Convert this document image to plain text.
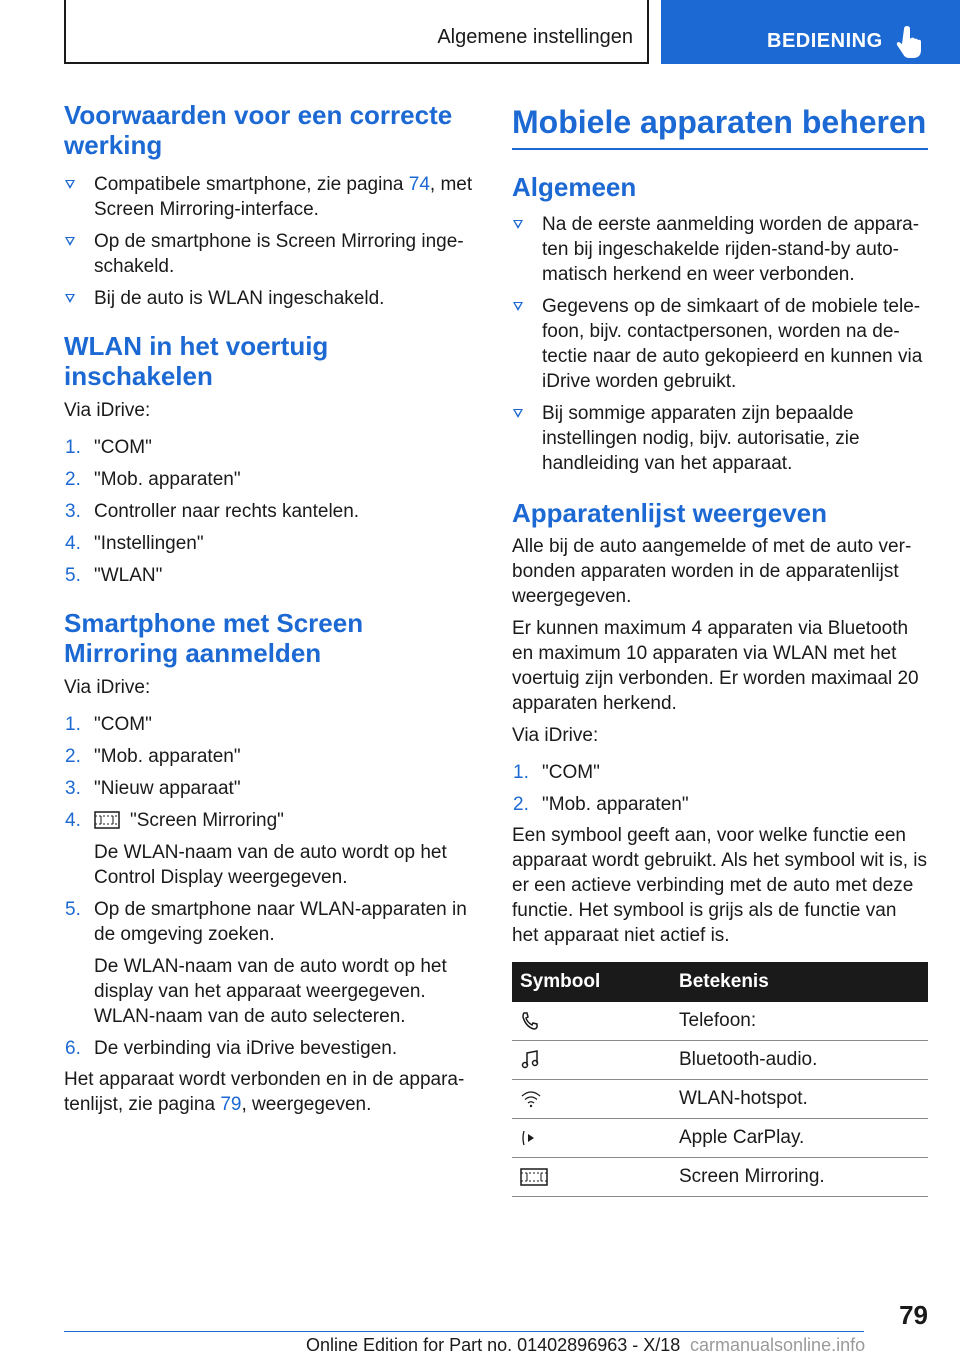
Algemene instellingen	BEDIENING
Voorwaarden voor een correcte werking
Compatibele smartphone, zie pagina 74, met Screen Mirroring-interface.
Op de smartphone is Screen Mirroring ingeschakeld.
Bij de auto is WLAN ingeschakeld.
WLAN in het voertuig inschakelen

Via iDrive:

1. "COM"
2. "Mob. apparaten"
3. Controller naar rechts kantelen.
4. "Instellingen"
5. "WLAN"
Smartphone met Screen Mirroring aanmelden

Via iDrive:

1. "COM"
2. "Mob. apparaten"
3. "Nieuw apparaat"
4.	"Screen Mirroring"

De WLAN-naam van de auto wordt op het Control Display weergegeven.

5. Op de smartphone naar WLAN-apparaten in de omgeving zoeken.

De WLAN-naam van de auto wordt op het display van het apparaat weergegeven. WLAN-naam van de auto selecteren.

6. De verbinding via iDrive bevestigen.

Het apparaat wordt verbonden en in de apparatenlijst, zie pagina 79, weergegeven.

Mobiele apparaten beheren
Algemeen
Na de eerste aanmelding worden de apparaten bij ingeschakelde rijden-stand-by automatisch herkend en weer verbonden.
Gegevens op de simkaart of de mobiele telefoon, bijv. contactpersonen, worden na detectie naar de auto gekopieerd en kunnen via iDrive worden gebruikt.
Bij sommige apparaten zijn bepaalde instellingen nodig, bijv. autorisatie, zie handleiding van het apparaat.
Apparatenlijst weergeven

Alle bij de auto aangemelde of met de auto verbonden apparaten worden in de apparatenlijst weergegeven.

Er kunnen maximum 4 apparaten via Bluetooth en maximum 10 apparaten via WLAN met het voertuig zijn verbonden. Er worden maximaal 20 apparaten herkend.

Via iDrive:

1. "COM"
2. "Mob. apparaten"

Een symbool geeft aan, voor welke functie een apparaat wordt gebruikt. Als het symbool wit is, is er een actieve verbinding met de auto met deze functie. Het symbool is grijs als de functie van het apparaat niet actief is.

Symbool	Betekenis

	Telefoon:

	Bluetooth-audio.

	WLAN-hotspot.

	Apple CarPlay.

	Screen Mirroring.
79
Online Edition for Part no. 01402896963 - X/18 carmanualsonline.info
